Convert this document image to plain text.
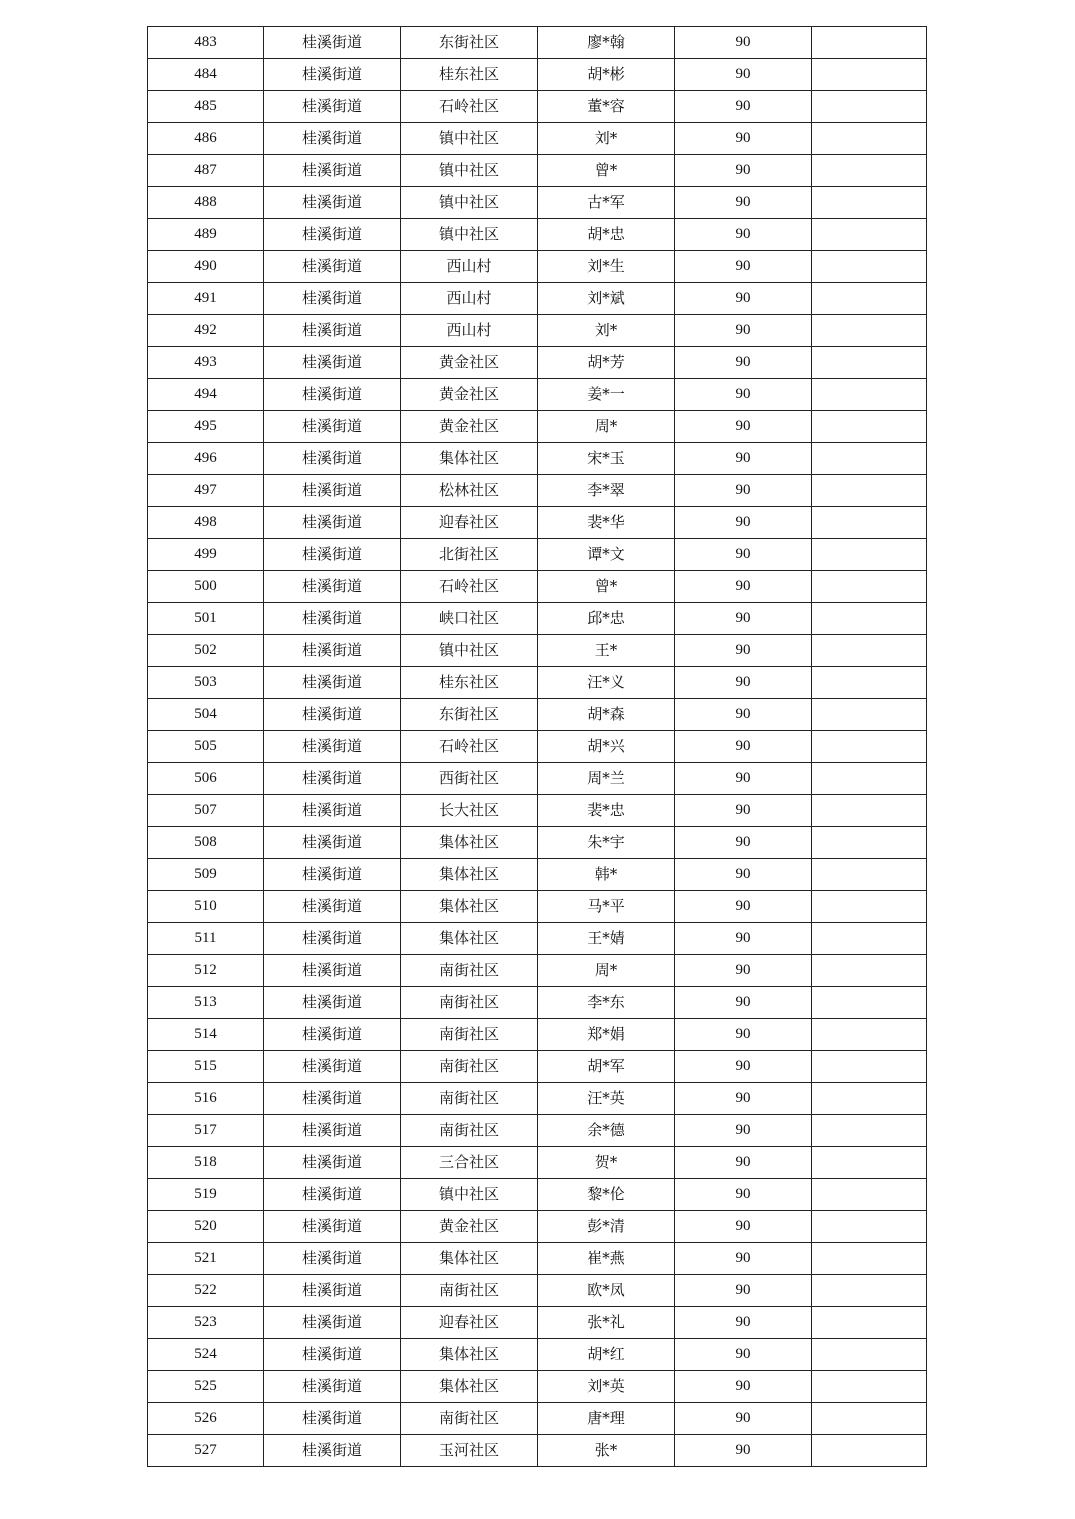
483	桂溪街道	东街社区	廖*翰	90	
484	桂溪街道	桂东社区	胡*彬	90	
485	桂溪街道	石岭社区	董*容	90	
486	桂溪街道	镇中社区	刘*	90	
487	桂溪街道	镇中社区	曾*	90	
488	桂溪街道	镇中社区	古*军	90	
489	桂溪街道	镇中社区	胡*忠	90	
490	桂溪街道	西山村	刘*生	90	
491	桂溪街道	西山村	刘*斌	90	
492	桂溪街道	西山村	刘*	90	
493	桂溪街道	黄金社区	胡*芳	90	
494	桂溪街道	黄金社区	姜*一	90	
495	桂溪街道	黄金社区	周*	90	
496	桂溪街道	集体社区	宋*玉	90	
497	桂溪街道	松林社区	李*翠	90	
498	桂溪街道	迎春社区	裴*华	90	
499	桂溪街道	北街社区	谭*文	90	
500	桂溪街道	石岭社区	曾*	90	
501	桂溪街道	峡口社区	邱*忠	90	
502	桂溪街道	镇中社区	王*	90	
503	桂溪街道	桂东社区	汪*义	90	
504	桂溪街道	东街社区	胡*森	90	
505	桂溪街道	石岭社区	胡*兴	90	
506	桂溪街道	西街社区	周*兰	90	
507	桂溪街道	长大社区	裴*忠	90	
508	桂溪街道	集体社区	朱*宇	90	
509	桂溪街道	集体社区	韩*	90	
510	桂溪街道	集体社区	马*平	90	
511	桂溪街道	集体社区	王*婧	90	
512	桂溪街道	南街社区	周*	90	
513	桂溪街道	南街社区	李*东	90	
514	桂溪街道	南街社区	郑*娟	90	
515	桂溪街道	南街社区	胡*军	90	
516	桂溪街道	南街社区	汪*英	90	
517	桂溪街道	南街社区	余*德	90	
518	桂溪街道	三合社区	贺*	90	
519	桂溪街道	镇中社区	黎*伦	90	
520	桂溪街道	黄金社区	彭*清	90	
521	桂溪街道	集体社区	崔*燕	90	
522	桂溪街道	南街社区	欧*凤	90	
523	桂溪街道	迎春社区	张*礼	90	
524	桂溪街道	集体社区	胡*红	90	
525	桂溪街道	集体社区	刘*英	90	
526	桂溪街道	南街社区	唐*理	90	
527	桂溪街道	玉河社区	张*	90	
